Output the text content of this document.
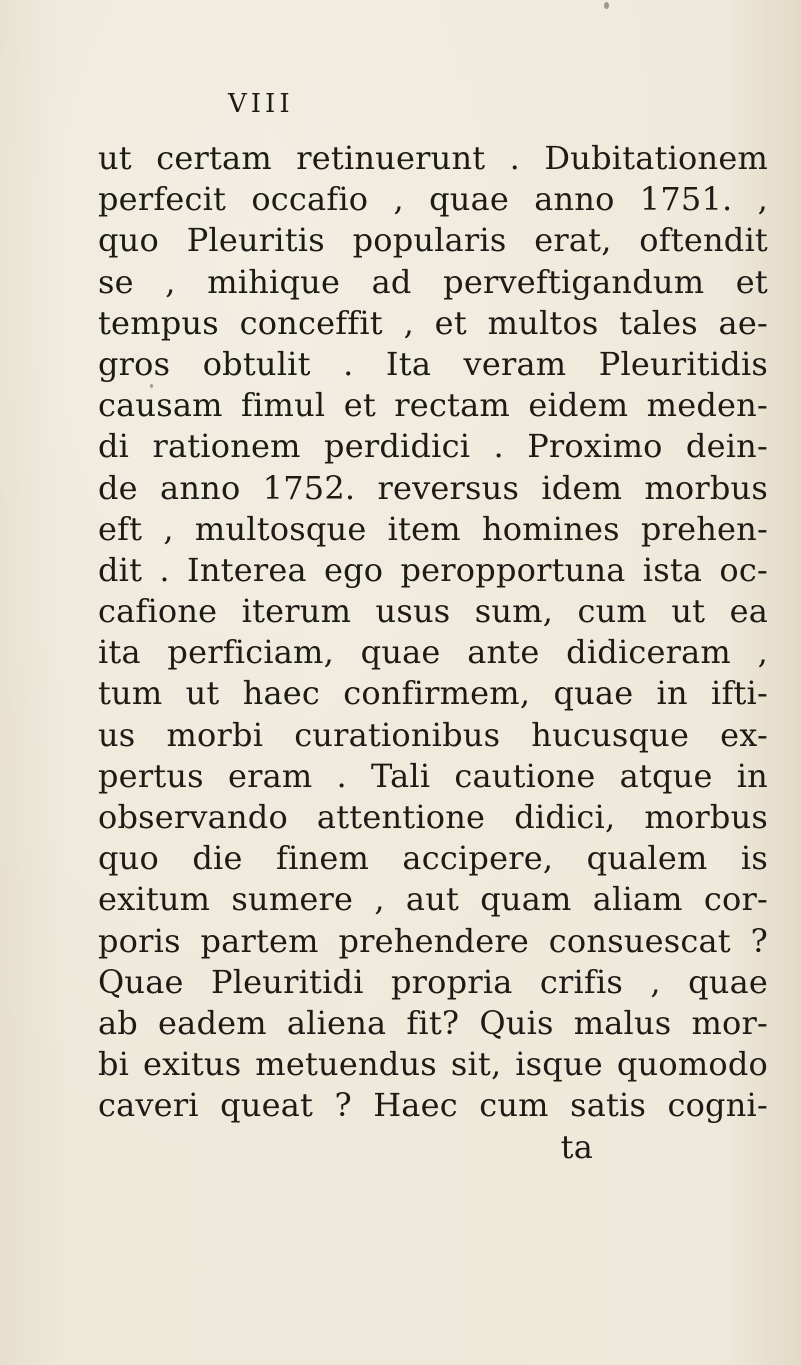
VIII
ut certam retinuerunt . Dubitationem
perfecit occafio , quae anno 1751. ,
quo Pleuritis popularis erat, oftendit
se , mihique ad perveftigandum et
tempus conceffit , et multos tales ae-
gros obtulit . Ita veram Pleuritidis
causam fimul et rectam eidem meden-
di rationem perdidici . Proximo dein-
de anno 1752. reversus idem morbus
eft , multosque item homines prehen-
dit . Interea ego peropportuna ista oc-
cafione iterum usus sum, cum ut ea
ita perficiam, quae ante didiceram ,
tum ut haec confirmem, quae in ifti-
us morbi curationibus hucusque ex-
pertus eram . Tali cautione atque in
observando attentione didici, morbus
quo die finem accipere, qualem is
exitum sumere , aut quam aliam cor-
poris partem prehendere consuescat ?
Quae Pleuritidi propria crifis , quae
ab eadem aliena fit? Quis malus mor-
bi exitus metuendus sit, isque quomodo
caveri queat ? Haec cum satis cogni-
ta
